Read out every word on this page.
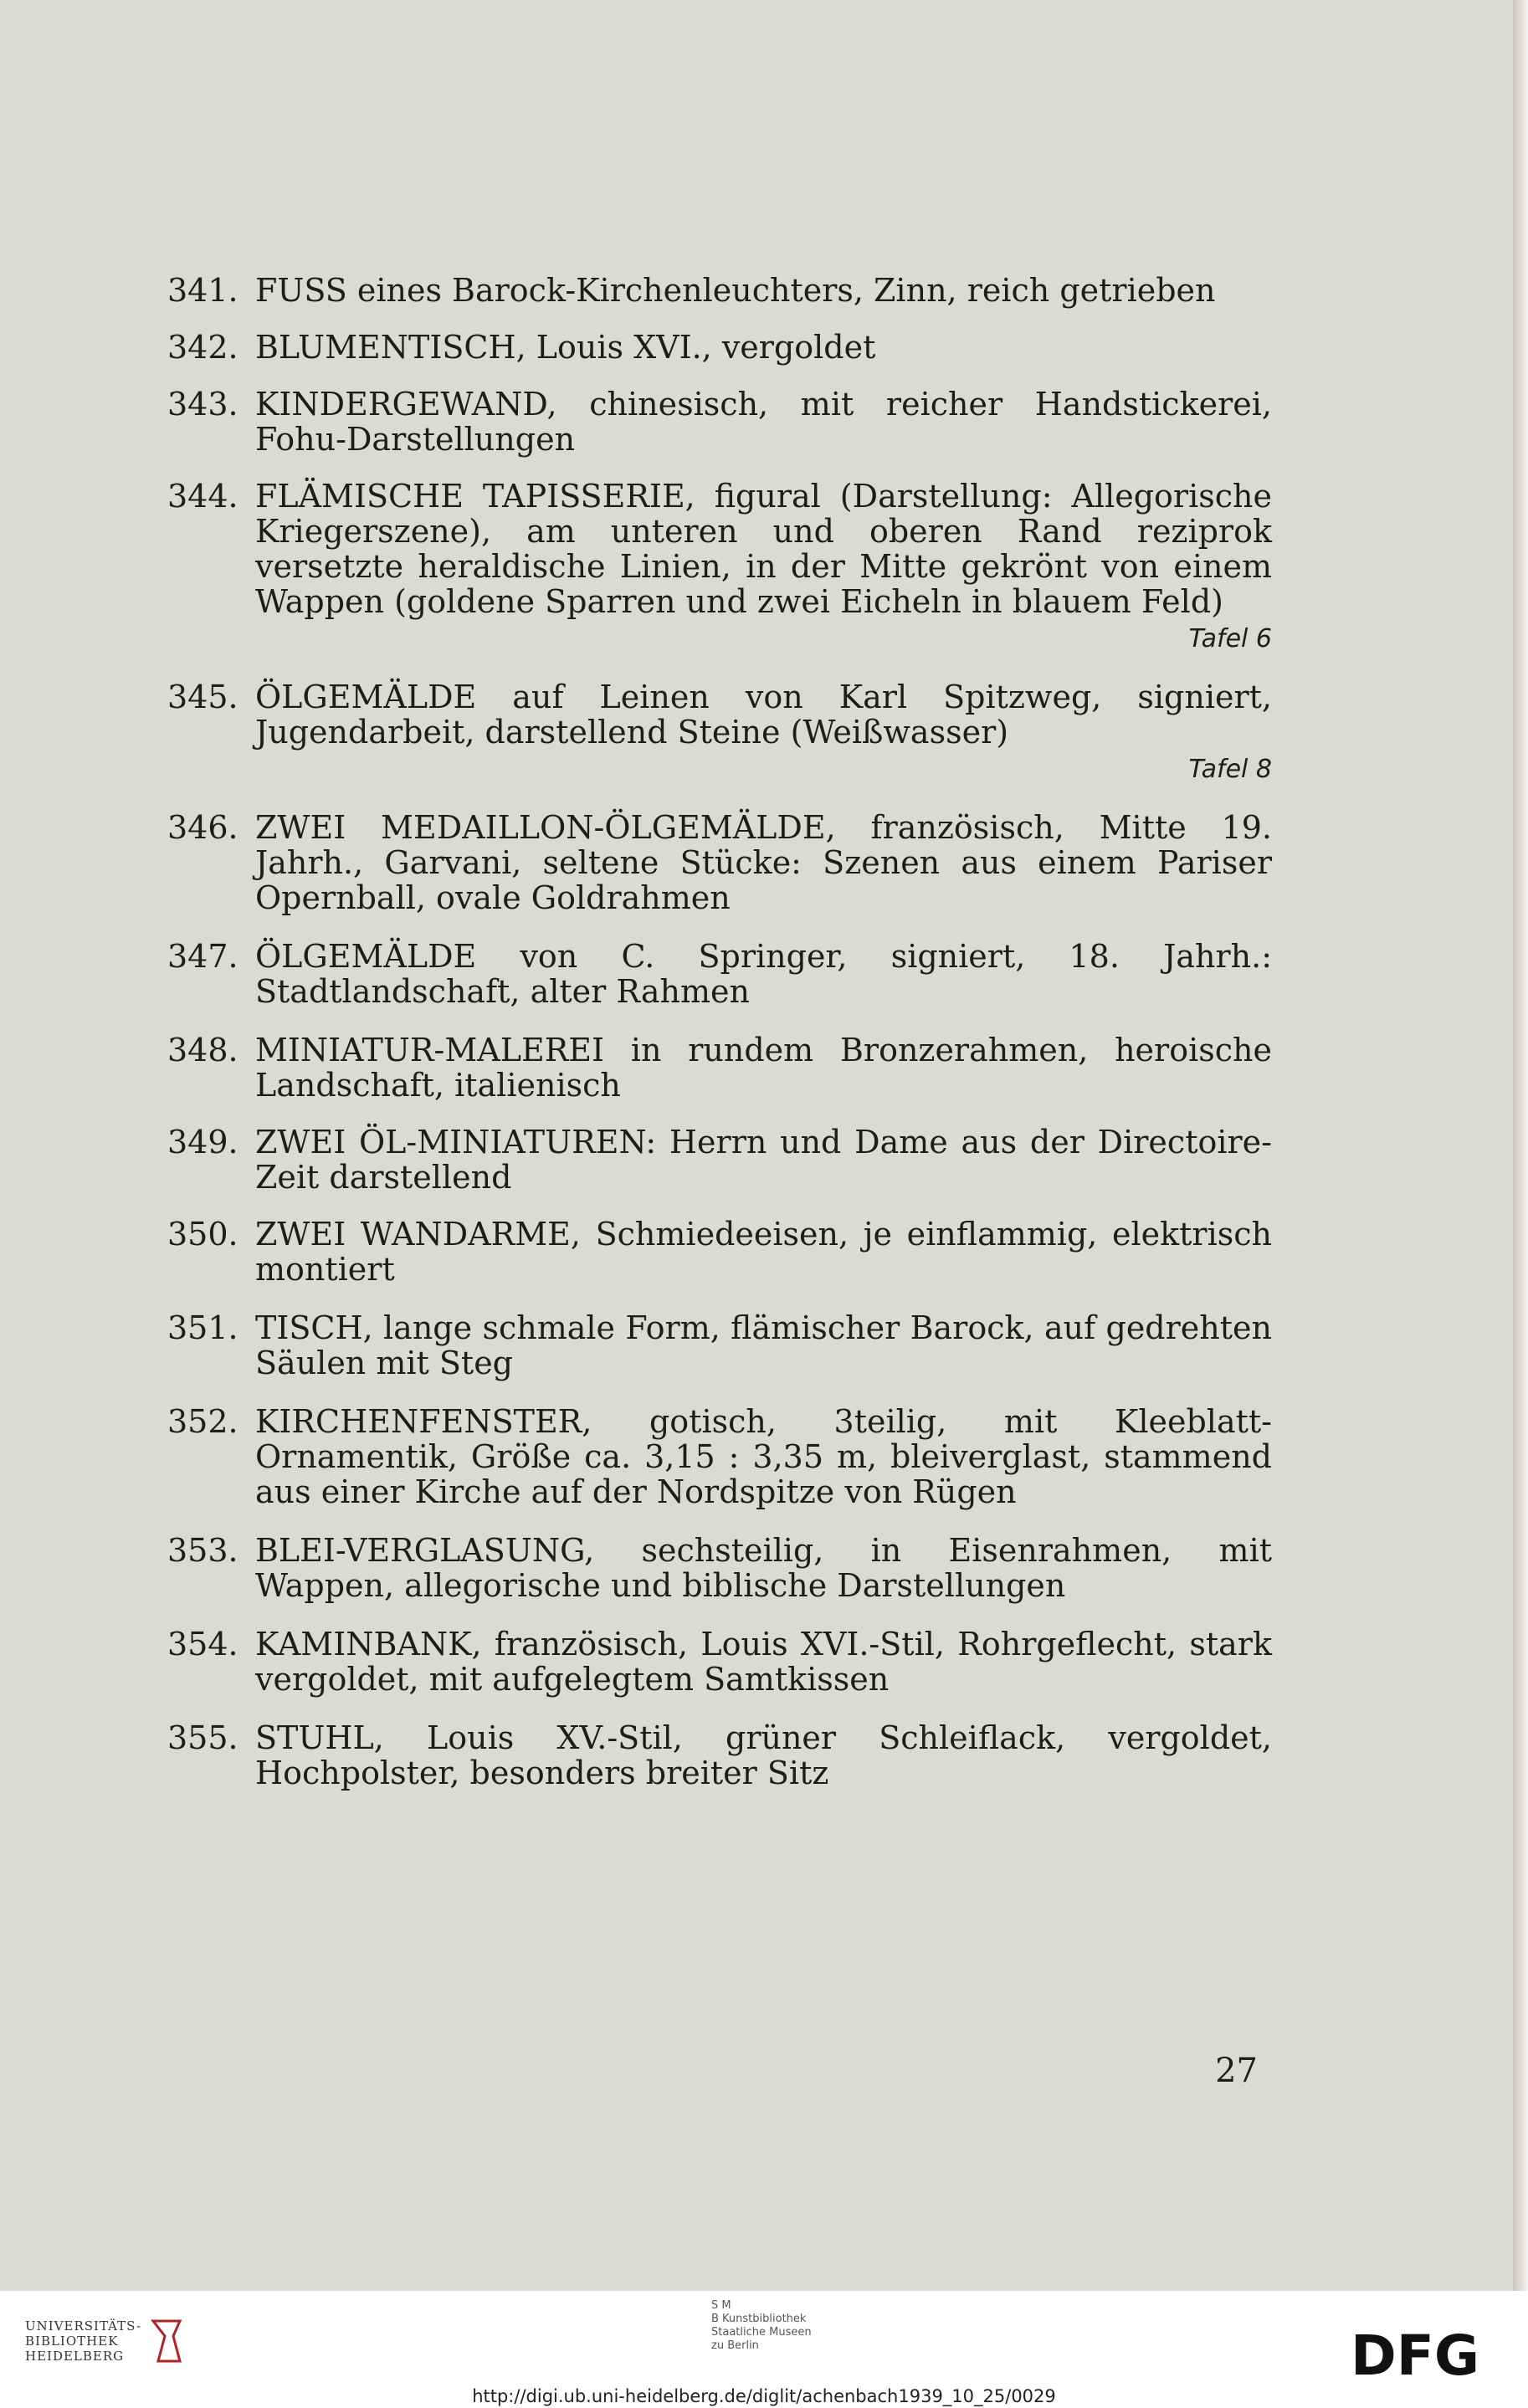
341. FUSS eines Barock-Kirchenleuchters, Zinn, reich getrieben
342. BLUMENTISCH, Louis XVI., vergoldet
343. KINDERGEWAND, chinesisch, mit reicher Handstickerei, Fohu-Darstellungen
344. FLÄMISCHE TAPISSERIE, figural (Darstellung: Allegorische Kriegerszene), am unteren und oberen Rand reziprok versetzte heraldische Linien, in der Mitte gekrönt von einem Wappen (goldene Sparren und zwei Eicheln in blauem Feld)
Tafel 6
345. ÖLGEMÄLDE auf Leinen von Karl Spitzweg, signiert, Jugendarbeit, darstellend Steine (Weißwasser)
Tafel 8
346. ZWEI MEDAILLON-ÖLGEMÄLDE, französisch, Mitte 19. Jahrh., Garvani, seltene Stücke: Szenen aus einem Pariser Opernball, ovale Goldrahmen
347. ÖLGEMÄLDE von C. Springer, signiert, 18. Jahrh.: Stadtlandschaft, alter Rahmen
348. MINIATUR-MALEREI in rundem Bronzerahmen, heroische Landschaft, italienisch
349. ZWEI ÖL-MINIATUREN: Herrn und Dame aus der Directoire-Zeit darstellend
350. ZWEI WANDARME, Schmiedeeisen, je einflammig, elektrisch montiert
351. TISCH, lange schmale Form, flämischer Barock, auf gedrehten Säulen mit Steg
352. KIRCHENFENSTER, gotisch, 3teilig, mit Kleeblatt-Ornamentik, Größe ca. 3,15 : 3,35 m, bleiverglast, stammend aus einer Kirche auf der Nordspitze von Rügen
353. BLEI-VERGLASUNG, sechsteilig, in Eisenrahmen, mit Wappen, allegorische und biblische Darstellungen
354. KAMINBANK, französisch, Louis XVI.-Stil, Rohrgeflecht, stark vergoldet, mit aufgelegtem Samtkissen
355. STUHL, Louis XV.-Stil, grüner Schleiflack, vergoldet, Hochpolster, besonders breiter Sitz
27
UNIVERSITÄTS-
BIBLIOTHEK
HEIDELBERG
S M
B Kunstbibliothek
Staatliche Museen
zu Berlin	DFG
http://digi.ub.uni-heidelberg.de/diglit/achenbach1939_10_25/0029
